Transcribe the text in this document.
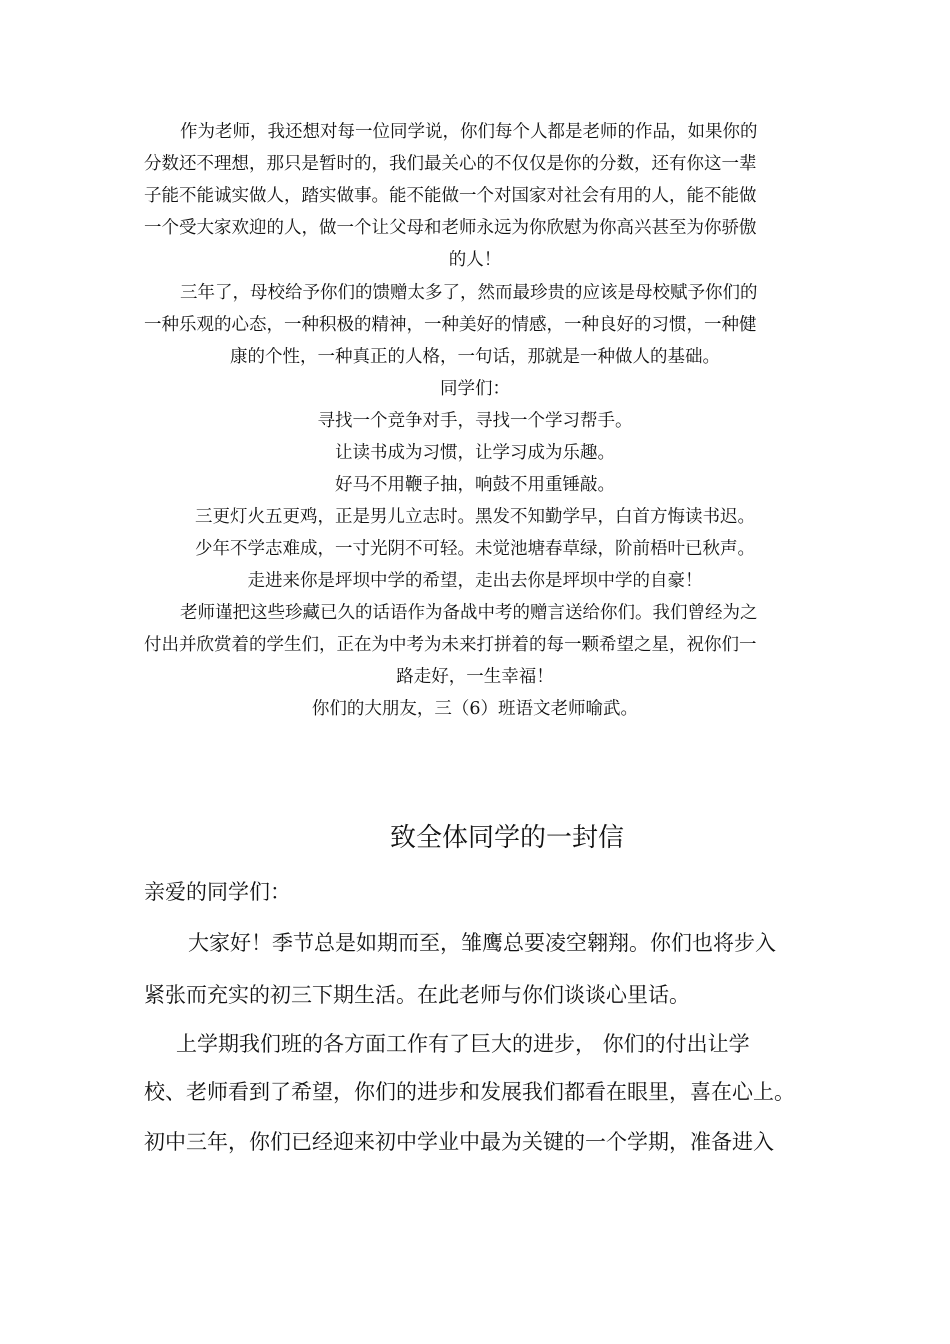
作为老师，我还想对每一位同学说，你们每个人都是老师的作品，如果你的
分数还不理想，那只是暂时的，我们最关心的不仅仅是你的分数，还有你这一辈
子能不能诚实做人，踏实做事。能不能做一个对国家对社会有用的人，能不能做
一个受大家欢迎的人，做一个让父母和老师永远为你欣慰为你高兴甚至为你骄傲
的人！
三年了，母校给予你们的馈赠太多了，然而最珍贵的应该是母校赋予你们的
一种乐观的心态，一种积极的精神，一种美好的情感，一种良好的习惯，一种健
康的个性，一种真正的人格，一句话，那就是一种做人的基础。
同学们：
寻找一个竞争对手，寻找一个学习帮手。
让读书成为习惯，让学习成为乐趣。
好马不用鞭子抽，响鼓不用重锤敲。
三更灯火五更鸡，正是男儿立志时。黑发不知勤学早，白首方悔读书迟。
少年不学志难成，一寸光阴不可轻。未觉池塘春草绿，阶前梧叶已秋声。
走进来你是坪坝中学的希望，走出去你是坪坝中学的自豪！
老师谨把这些珍藏已久的话语作为备战中考的赠言送给你们。我们曾经为之
付出并欣赏着的学生们，正在为中考为未来打拼着的每一颗希望之星，祝你们一
路走好，一生幸福！
你们的大朋友，三（6）班语文老师喻武。
致全体同学的一封信
亲爱的同学们：
大家好！季节总是如期而至，雏鹰总要凌空翱翔。你们也将步入
紧张而充实的初三下期生活。在此老师与你们谈谈心里话。
上学期我们班的各方面工作有了巨大的进步， 你们的付出让学
校、老师看到了希望，你们的进步和发展我们都看在眼里，喜在心上。
初中三年，你们已经迎来初中学业中最为关键的一个学期，准备进入
